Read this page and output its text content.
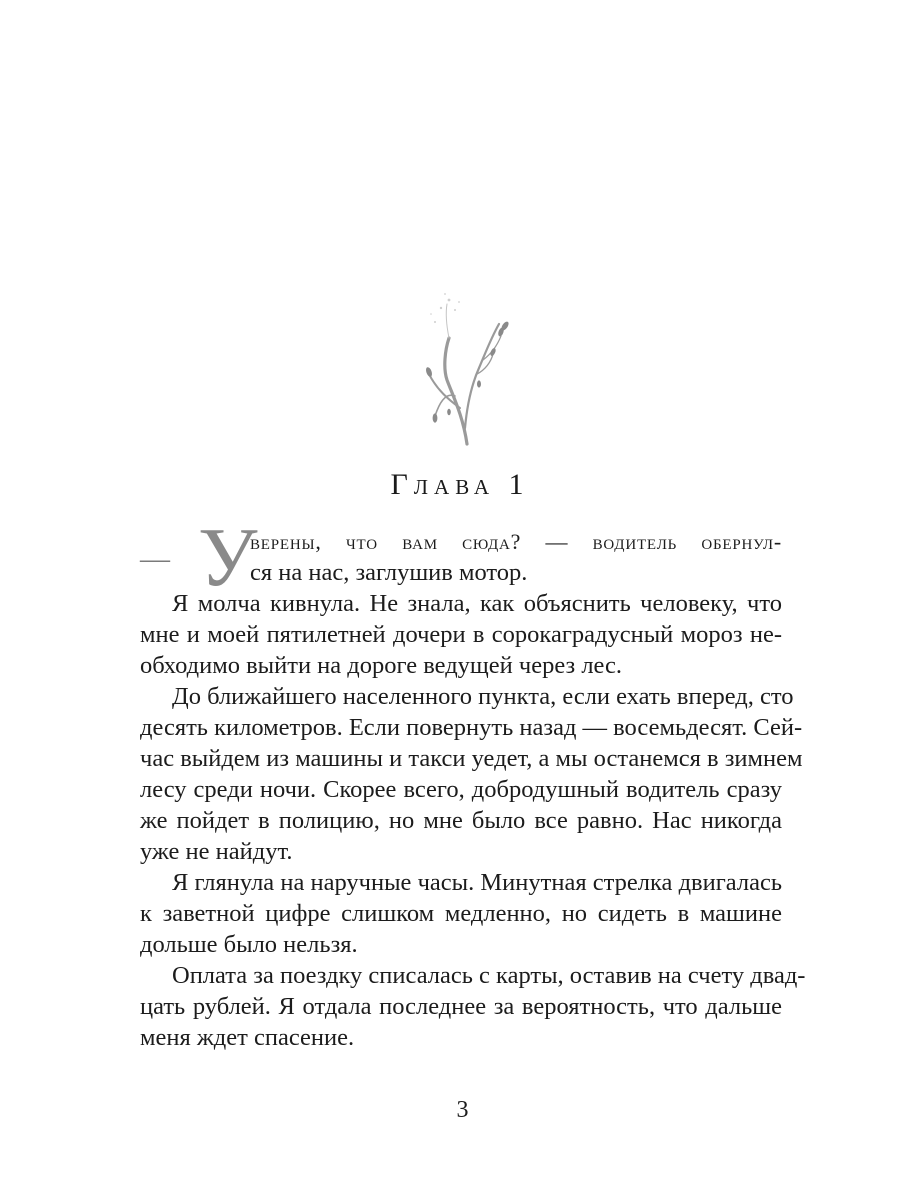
Глава 1
— У
верены, что вам сюда? — водитель обернул-
ся на нас, заглушив мотор.
Я молча кивнула. Не знала, как объяснить человеку, что
мне и моей пятилетней дочери в сорокаградусный мороз не-
обходимо выйти на дороге ведущей через лес.
До ближайшего населенного пункта, если ехать вперед, сто
десять километров. Если повернуть назад — восемьдесят. Сей-
час выйдем из машины и такси уедет, а мы останемся в зимнем
лесу среди ночи. Скорее всего, добродушный водитель сразу
же пойдет в полицию, но мне было все равно. Нас никогда
уже не найдут.
Я глянула на наручные часы. Минутная стрелка двигалась
к заветной цифре слишком медленно, но сидеть в машине
дольше было нельзя.
Оплата за поездку списалась с карты, оставив на счету двад-
цать рублей. Я отдала последнее за вероятность, что дальше
меня ждет спасение.
3
